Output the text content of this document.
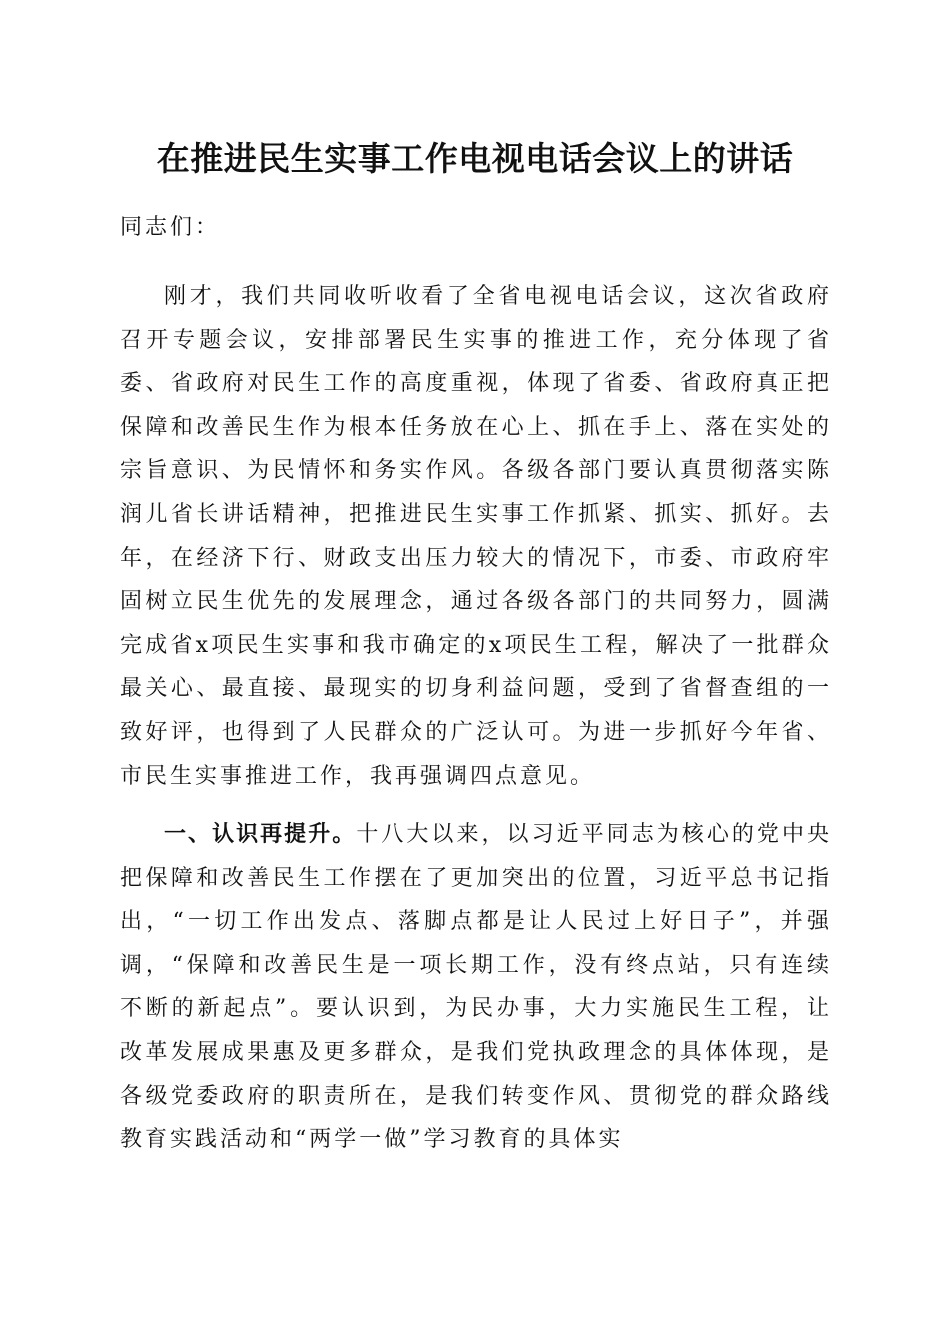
在推进民生实事工作电视电话会议上的讲话

同志们：

刚才，我们共同收听收看了全省电视电话会议，这次省政府召开专题会议，安排部署民生实事的推进工作，充分体现了省委、省政府对民生工作的高度重视，体现了省委、省政府真正把保障和改善民生作为根本任务放在心上、抓在手上、落在实处的宗旨意识、为民情怀和务实作风。各级各部门要认真贯彻落实陈润儿省长讲话精神，把推进民生实事工作抓紧、抓实、抓好。去年，在经济下行、财政支出压力较大的情况下，市委、市政府牢固树立民生优先的发展理念，通过各级各部门的共同努力，圆满完成省x项民生实事和我市确定的x项民生工程，解决了一批群众最关心、最直接、最现实的切身利益问题，受到了省督查组的一致好评，也得到了人民群众的广泛认可。为进一步抓好今年省、市民生实事推进工作，我再强调四点意见。

一、认识再提升。十八大以来，以习近平同志为核心的党中央把保障和改善民生工作摆在了更加突出的位置，习近平总书记指出，“一切工作出发点、落脚点都是让人民过上好日子”，并强调，“保障和改善民生是一项长期工作，没有终点站，只有连续不断的新起点”。要认识到，为民办事，大力实施民生工程，让改革发展成果惠及更多群众，是我们党执政理念的具体体现，是各级党委政府的职责所在，是我们转变作风、贯彻党的群众路线教育实践活动和“两学一做”学习教育的具体实
